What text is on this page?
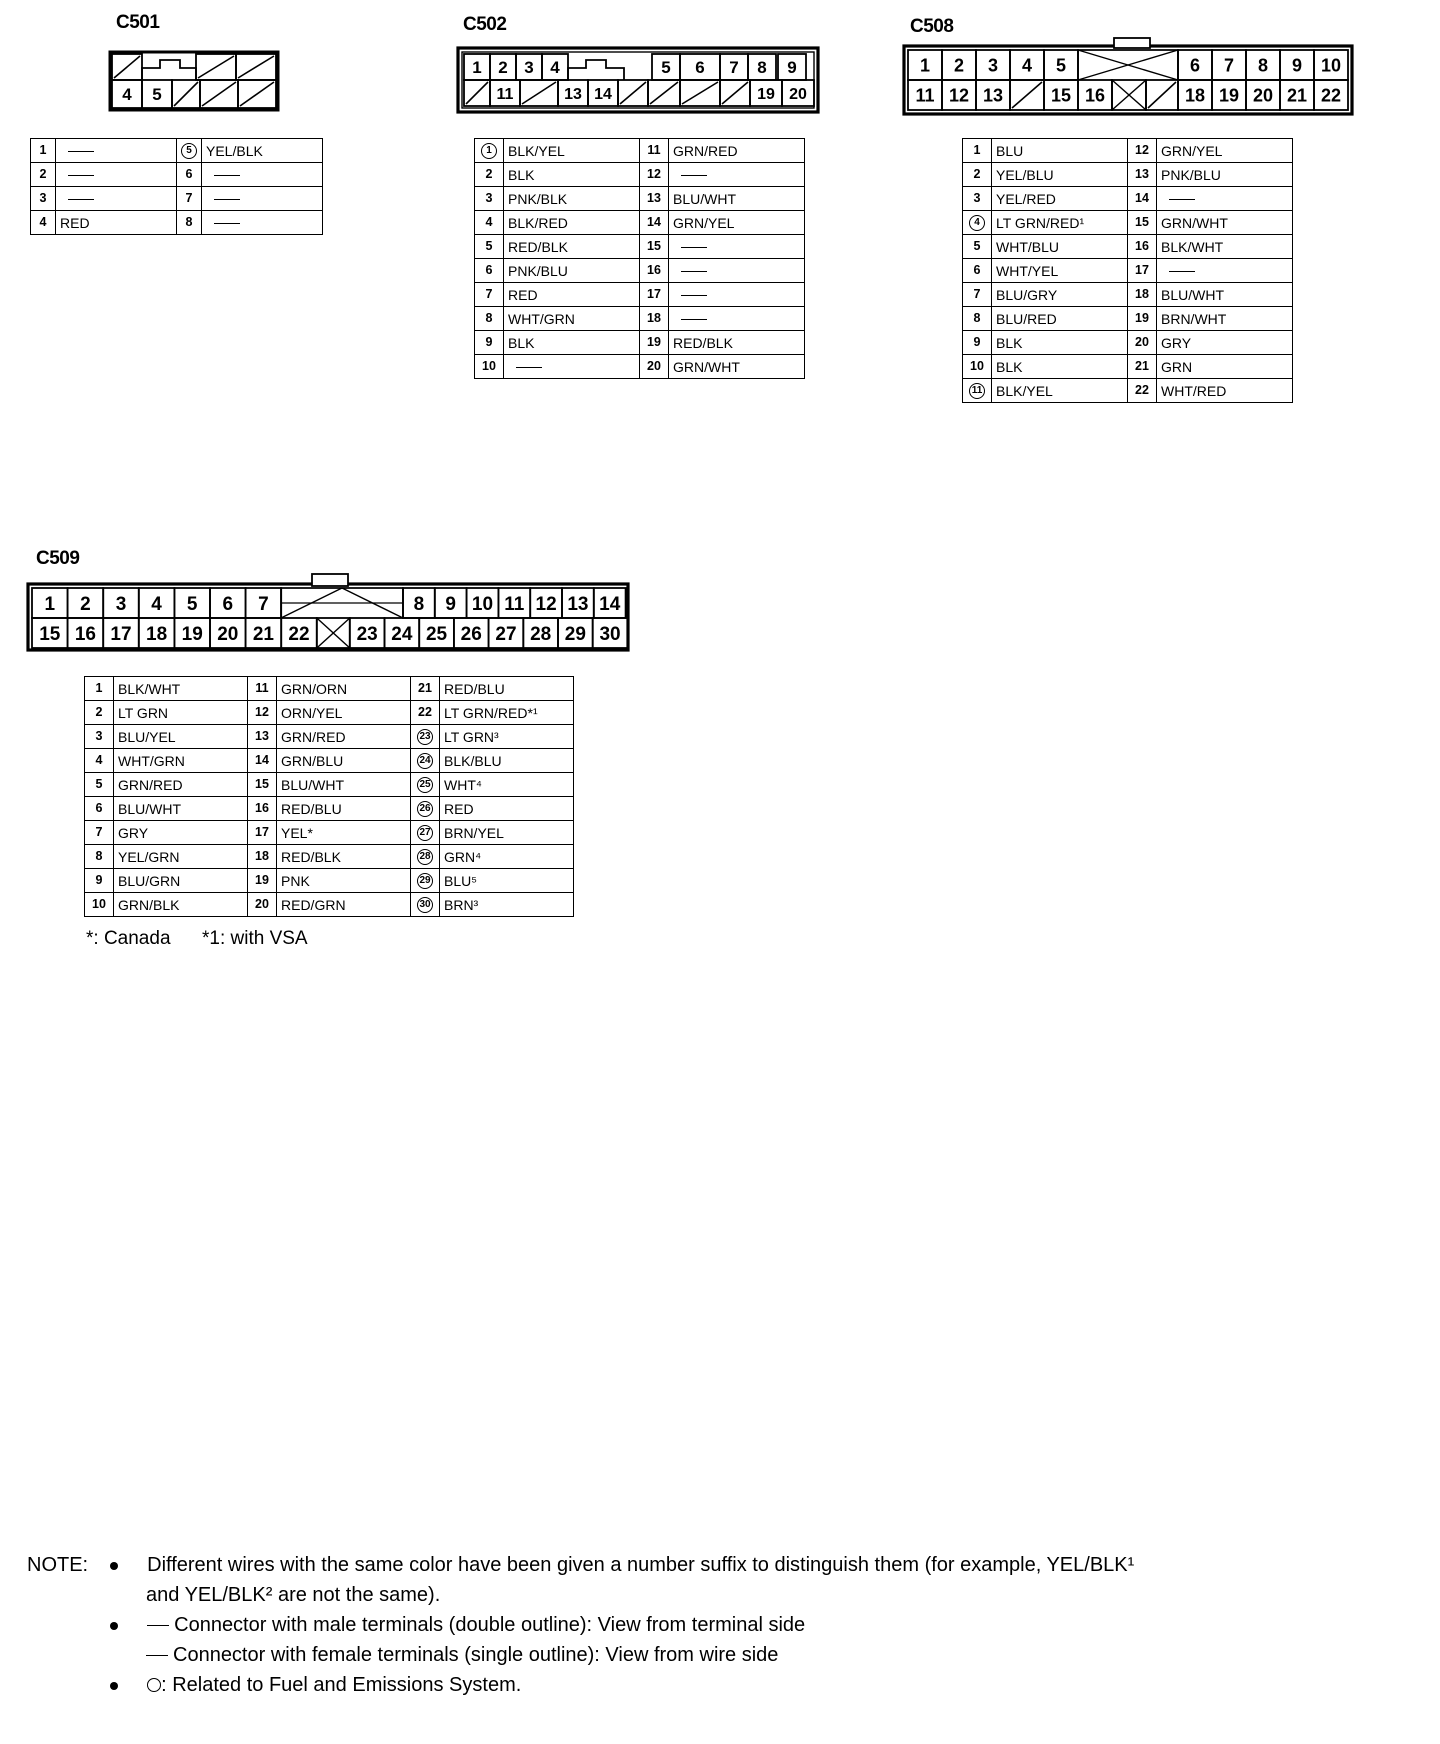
C501	C502	C508
C509
4 5
1 2 3 4	5 6 7 8 9
11	13 14	19 20
1 2 3 4 5	6 7 8 9 10
11 12 13	15 16	18 19 20 21 22
1 2 3 4 5 6 7	8 9 10 11 12 13 14
15 16 17 18 19 20 21 22 23 24 25 26 27 28 29 30
1		5	YEL/BLK
2		6	
3		7	
4	RED	8	
1	BLK/YEL	11	GRN/RED
2	BLK	12	
3	PNK/BLK	13	BLU/WHT
4	BLK/RED	14	GRN/YEL
5	RED/BLK	15	
6	PNK/BLU	16	
7	RED	17	
8	WHT/GRN	18	
9	BLK	19	RED/BLK
10		20	GRN/WHT
1	BLU	12	GRN/YEL
2	YEL/BLU	13	PNK/BLU
3	YEL/RED	14	
4	LT GRN/RED¹	15	GRN/WHT
5	WHT/BLU	16	BLK/WHT
6	WHT/YEL	17	
7	BLU/GRY	18	BLU/WHT
8	BLU/RED	19	BRN/WHT
9	BLK	20	GRY
10	BLK	21	GRN
11	BLK/YEL	22	WHT/RED
1	BLK/WHT	11	GRN/ORN	21	RED/BLU
2	LT GRN	12	ORN/YEL	22	LT GRN/RED*¹
3	BLU/YEL	13	GRN/RED	23	LT GRN³
4	WHT/GRN	14	GRN/BLU	24	BLK/BLU
5	GRN/RED	15	BLU/WHT	25	WHT⁴
6	BLU/WHT	16	RED/BLU	26	RED
7	GRY	17	YEL*	27	BRN/YEL
8	YEL/GRN	18	RED/BLK	28	GRN⁴
9	BLU/GRN	19	PNK	29	BLU⁵
10	GRN/BLK	20	RED/GRN	30	BRN³
*: Canada *1: with VSA
NOTE:	Different wires with the same color have been given a number suffix to distinguish them (for example, YEL/BLK¹
and YEL/BLK² are not the same).
Connector with male terminals (double outline): View from terminal side
Connector with female terminals (single outline): View from wire side
: Related to Fuel and Emissions System.
